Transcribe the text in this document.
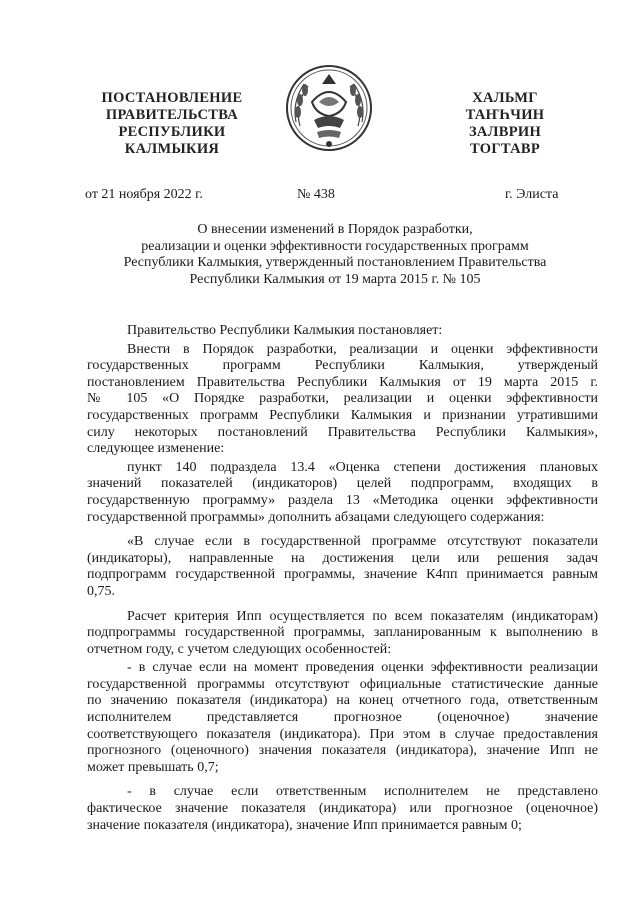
ПОСТАНОВЛЕНИЕ
ПРАВИТЕЛЬСТВА
РЕСПУБЛИКИ
КАЛМЫКИЯ
ХАЛЬМГ
ТАҤҺЧИН
ЗАЛВРИН
ТОГТАВР
от 21 ноября 2022 г.	№ 438	г. Элиста
О внесении изменений в Порядок разработки,
реализации и оценки эффективности государственных программ
Республики Калмыкия, утвержденный постановлением Правительства
Республики Калмыкия от 19 марта 2015 г. № 105
Правительство Республики Калмыкия постановляет:
Внести в Порядок разработки, реализации и оценки эффективности
государственных программ Республики Калмыкия, утвержденый
постановлением Правительства Республики Калмыкия от 19 марта 2015 г.
№ 105 «О Порядке разработки, реализации и оценки эффективности
государственных программ Республики Калмыкия и признании утратившими
силу некоторых постановлений Правительства Республики Калмыкия»,
следующее изменение:
пункт 140 подраздела 13.4 «Оценка степени достижения плановых
значений показателей (индикаторов) целей подпрограмм, входящих в
государственную программу» раздела 13 «Методика оценки эффективности
государственной программы» дополнить абзацами следующего содержания:
«В случае если в государственной программе отсутствуют показатели
(индикаторы), направленные на достижения цели или решения задач
подпрограмм государственной программы, значение К4пп принимается равным
0,75.
Расчет критерия Ипп осуществляется по всем показателям (индикаторам)
подпрограммы государственной программы, запланированным к выполнению в
отчетном году, с учетом следующих особенностей:
- в случае если на момент проведения оценки эффективности реализации
государственной программы отсутствуют официальные статистические данные
по значению показателя (индикатора) на конец отчетного года, ответственным
исполнителем представляется прогнозное (оценочное) значение
соответствующего показателя (индикатора). При этом в случае предоставления
прогнозного (оценочного) значения показателя (индикатора), значение Ипп не
может превышать 0,7;
- в случае если ответственным исполнителем не представлено
фактическое значение показателя (индикатора) или прогнозное (оценочное)
значение показателя (индикатора), значение Ипп принимается равным 0;
